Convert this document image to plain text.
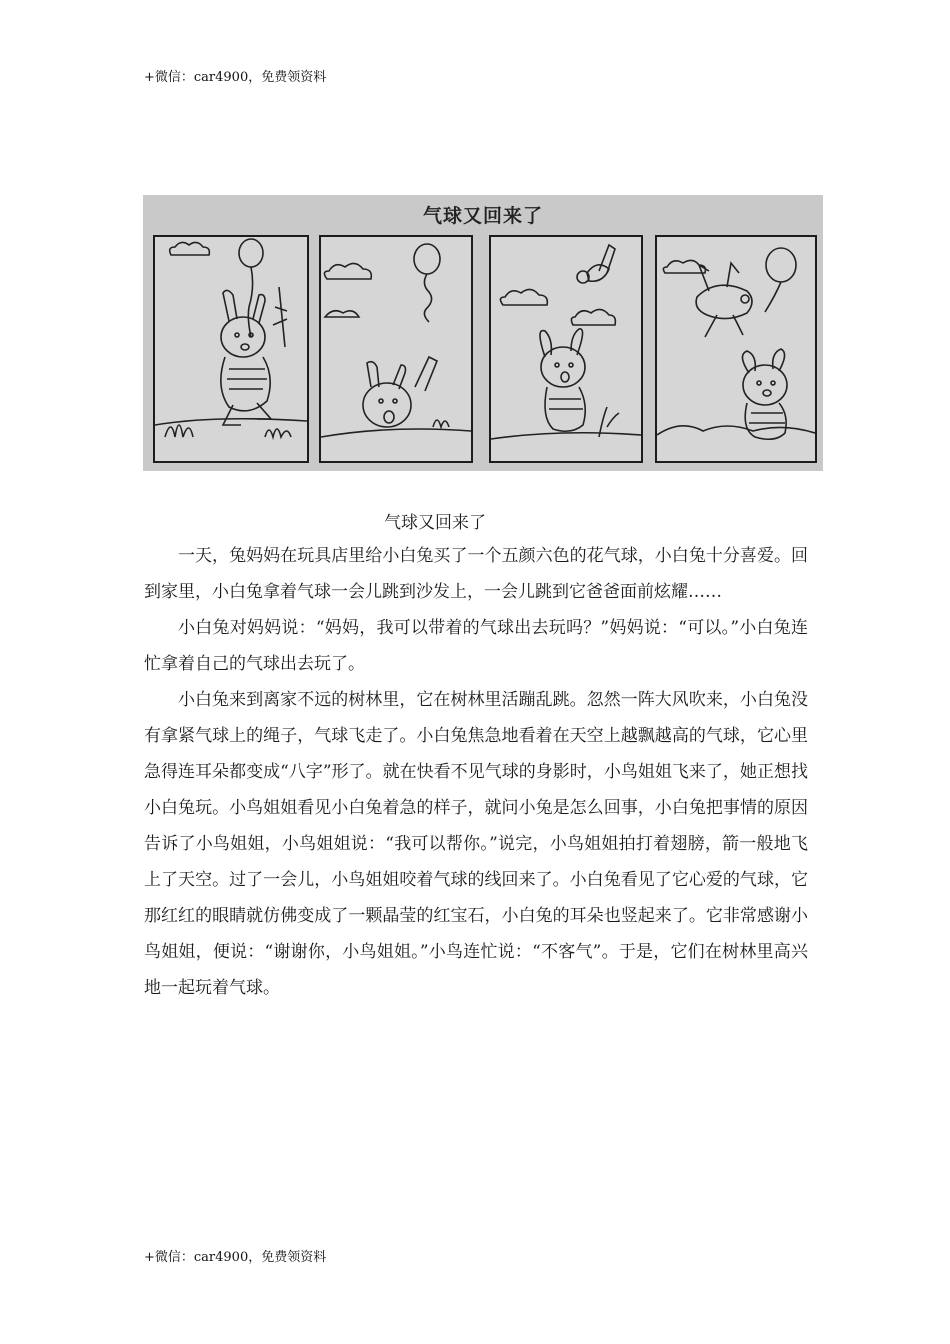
+微信：car4900，免费领资料
气球又回来了
气球又回来了

一天，兔妈妈在玩具店里给小白兔买了一个五颜六色的花气球，小白兔十分喜爱。回到家里，小白兔拿着气球一会儿跳到沙发上，一会儿跳到它爸爸面前炫耀……

小白兔对妈妈说：“妈妈，我可以带着的气球出去玩吗？”妈妈说：“可以。”小白兔连忙拿着自己的气球出去玩了。

小白兔来到离家不远的树林里，它在树林里活蹦乱跳。忽然一阵大风吹来，小白兔没有拿紧气球上的绳子，气球飞走了。小白兔焦急地看着在天空上越飘越高的气球，它心里急得连耳朵都变成“八字”形了。就在快看不见气球的身影时，小鸟姐姐飞来了，她正想找小白兔玩。小鸟姐姐看见小白兔着急的样子，就问小兔是怎么回事，小白兔把事情的原因告诉了小鸟姐姐，小鸟姐姐说：“我可以帮你。”说完，小鸟姐姐拍打着翅膀，箭一般地飞上了天空。过了一会儿，小鸟姐姐咬着气球的线回来了。小白兔看见了它心爱的气球，它那红红的眼睛就仿佛变成了一颗晶莹的红宝石，小白兔的耳朵也竖起来了。它非常感谢小鸟姐姐，便说：“谢谢你，小鸟姐姐。”小鸟连忙说：“不客气”。于是，它们在树林里高兴地一起玩着气球。

+微信：car4900，免费领资料
